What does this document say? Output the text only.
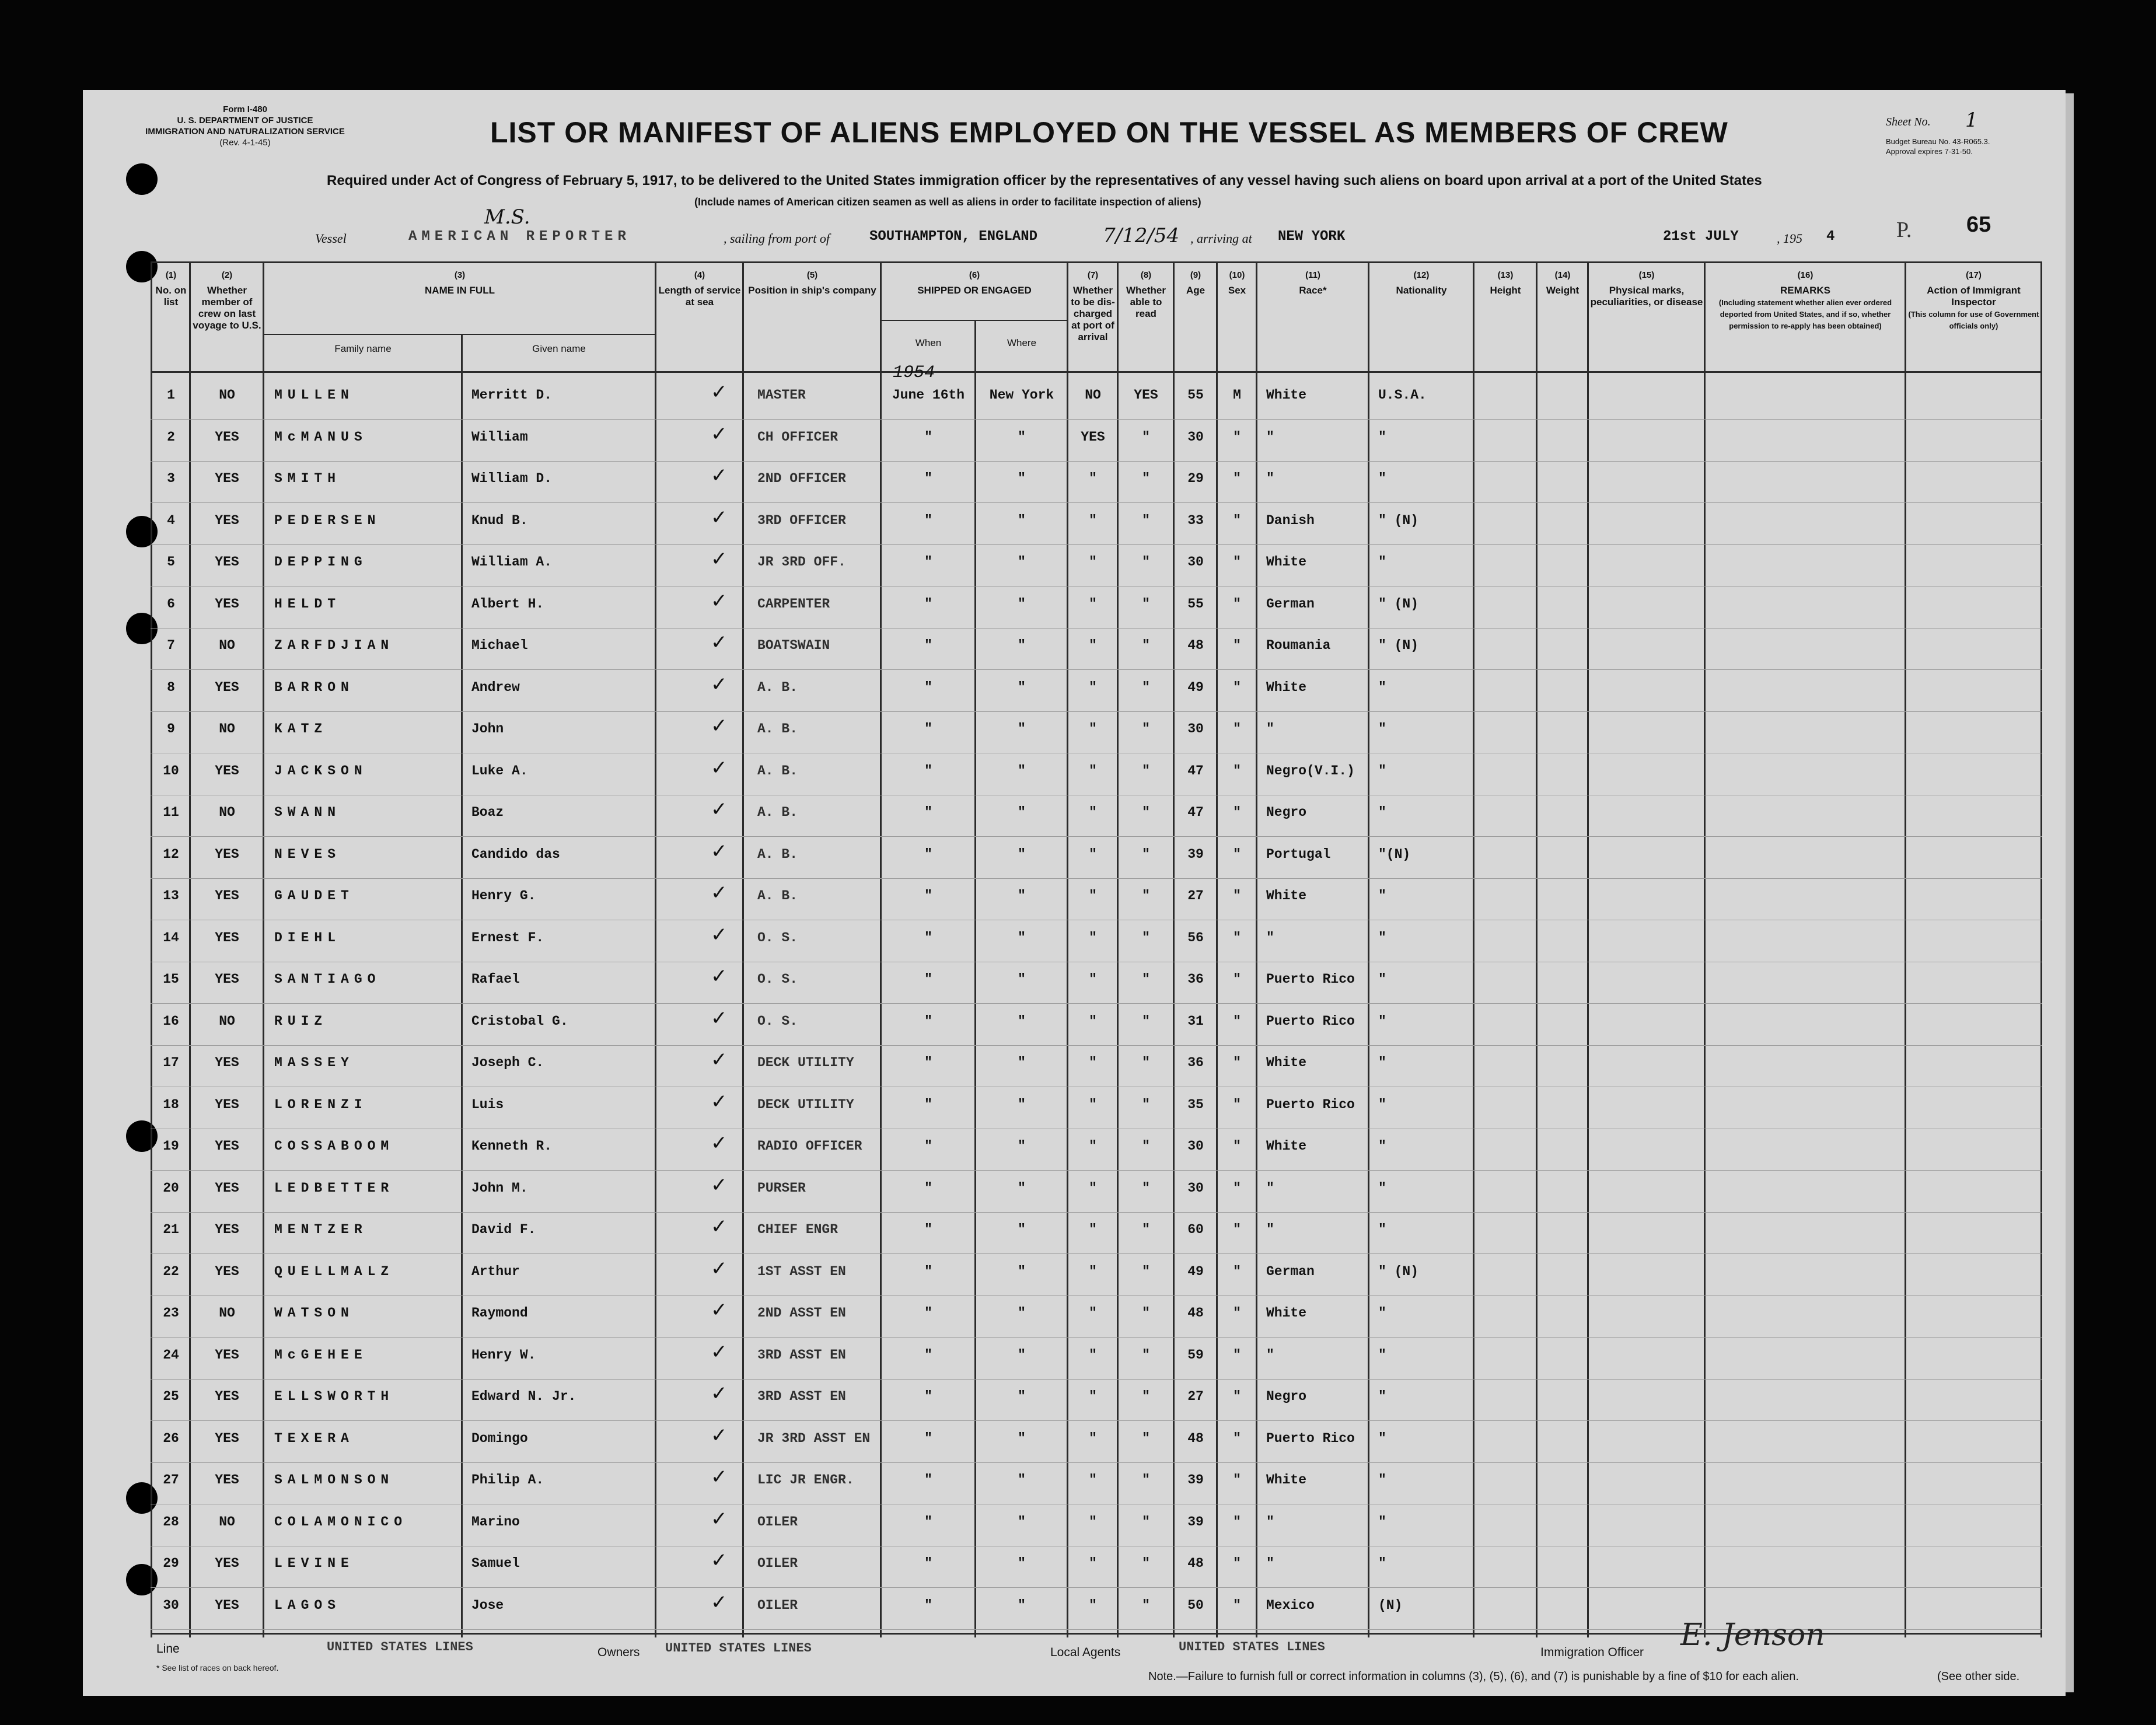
Form I-480
U. S. DEPARTMENT OF JUSTICE
IMMIGRATION AND NATURALIZATION SERVICE
(Rev. 4-1-45)	LIST OR MANIFEST OF ALIENS EMPLOYED ON THE VESSEL AS MEMBERS OF CREW	Sheet No. 1
Budget Bureau No. 43-R065.3.
Approval expires 7-31-50.
Required under Act of Congress of February 5, 1917, to be delivered to the United States immigration officer by the representatives of any vessel having such aliens on board upon arrival at a port of the United States
(Include names of American citizen seamen as well as aliens in order to facilitate inspection of aliens)
Vessel	AMERICAN REPORTER
M.S.
, sailing from port of	SOUTHAMPTON, ENGLAND	7/12/54 , arriving at NEW YORK	21st JULY	, 195 4	P. 65
(1)
No. on list
(2)
Whether member of crew on last voyage to U.S.
(3)
NAME IN FULL
Family name	Given name
(4)
Length of service at sea
(5)
Position in ship's company
(6)
SHIPPED OR ENGAGED
When	Where
(7)
Whether to be dis-charged at port of arrival
(8)
Whether able to read
(9)
Age
(10)
Sex
(11)
Race*
(12)
Nationality
(13)
Height
(14)
Weight
(15)
Physical marks, peculiarities, or disease
(16)
REMARKS
(Including statement whether alien ever ordered deported from United States, and if so, whether permission to re-apply has been obtained)
(17)
Action of Immigrant Inspector
(This column for use of Government officials only)
1	NO	MULLEN	Merritt D.	✓ MASTER	June 16th	New York	NO	YES	55	M	White	U.S.A.
1954
2	YES	McMANUS	William	✓ CH OFFICER	"	"	YES	"	30	"	"	"
3	YES	SMITH	William D.	✓ 2ND OFFICER	"	"	"	"	29	"	"	"
4	YES	PEDERSEN	Knud B.	✓ 3RD OFFICER	"	"	"	"	33	"	Danish	" (N)
5	YES	DEPPING	William A.	✓ JR 3RD OFF.	"	"	"	"	30	"	White	"
6	YES	HELDT	Albert H.	✓ CARPENTER	"	"	"	"	55	"	German	" (N)
7	NO	ZARFDJIAN	Michael	✓ BOATSWAIN	"	"	"	"	48	"	Roumania	" (N)
8	YES	BARRON	Andrew	✓ A. B.	"	"	"	"	49	"	White	"
9	NO	KATZ	John	✓ A. B.	"	"	"	"	30	"	"	"
10	YES	JACKSON	Luke A.	✓ A. B.	"	"	"	"	47	"	Negro(V.I.) "
11	NO	SWANN	Boaz	✓ A. B.	"	"	"	"	47	"	Negro	"
12	YES	NEVES	Candido das	✓ A. B.	"	"	"	"	39	"	Portugal	"(N)
13	YES	GAUDET	Henry G.	✓ A. B.	"	"	"	"	27	"	White	"
14	YES	DIEHL	Ernest F.	✓ O. S.	"	"	"	"	56	"	"	"
15	YES	SANTIAGO	Rafael	✓ O. S.	"	"	"	"	36	"	Puerto Rico "
16	NO	RUIZ	Cristobal G.	✓ O. S.	"	"	"	"	31	"	Puerto Rico "
17	YES	MASSEY	Joseph C.	✓ DECK UTILITY	"	"	"	"	36	"	White	"
18	YES	LORENZI	Luis	✓ DECK UTILITY	"	"	"	"	35	"	Puerto Rico "
19	YES	COSSABOOM	Kenneth R.	✓ RADIO OFFICER	"	"	"	"	30	"	White	"
20	YES	LEDBETTER	John M.	✓ PURSER	"	"	"	"	30	"	"	"
21	YES	MENTZER	David F.	✓ CHIEF ENGR	"	"	"	"	60	"	"	"
22	YES	QUELLMALZ	Arthur	✓ 1ST ASST EN	"	"	"	"	49	"	German	" (N)
23	NO	WATSON	Raymond	✓ 2ND ASST EN	"	"	"	"	48	"	White	"
24	YES	McGEHEE	Henry W.	✓ 3RD ASST EN	"	"	"	"	59	"	"	"
25	YES	ELLSWORTH	Edward N. Jr.	✓ 3RD ASST EN	"	"	"	"	27	"	Negro	"
26	YES	TEXERA	Domingo	✓ JR 3RD ASST EN	"	"	"	"	48	"	Puerto Rico "
27	YES	SALMONSON	Philip A.	✓ LIC JR ENGR.	"	"	"	"	39	"	White	"
28	NO	COLAMONICO	Marino	✓ OILER	"	"	"	"	39	"	"	"
29	YES	LEVINE	Samuel	✓ OILER	"	"	"	"	48	"	"	"
30	YES	LAGOS	Jose	✓ OILER	"	"	"	"	50	"	Mexico	(N)
Line	UNITED STATES LINES	Owners UNITED STATES LINES	Local Agents	UNITED STATES LINES	Immigration Officer E. Jenson
* See list of races on back hereof.
Note.—Failure to furnish full or correct information in columns (3), (5), (6), and (7) is punishable by a fine of $10 for each alien.	(See other side.
